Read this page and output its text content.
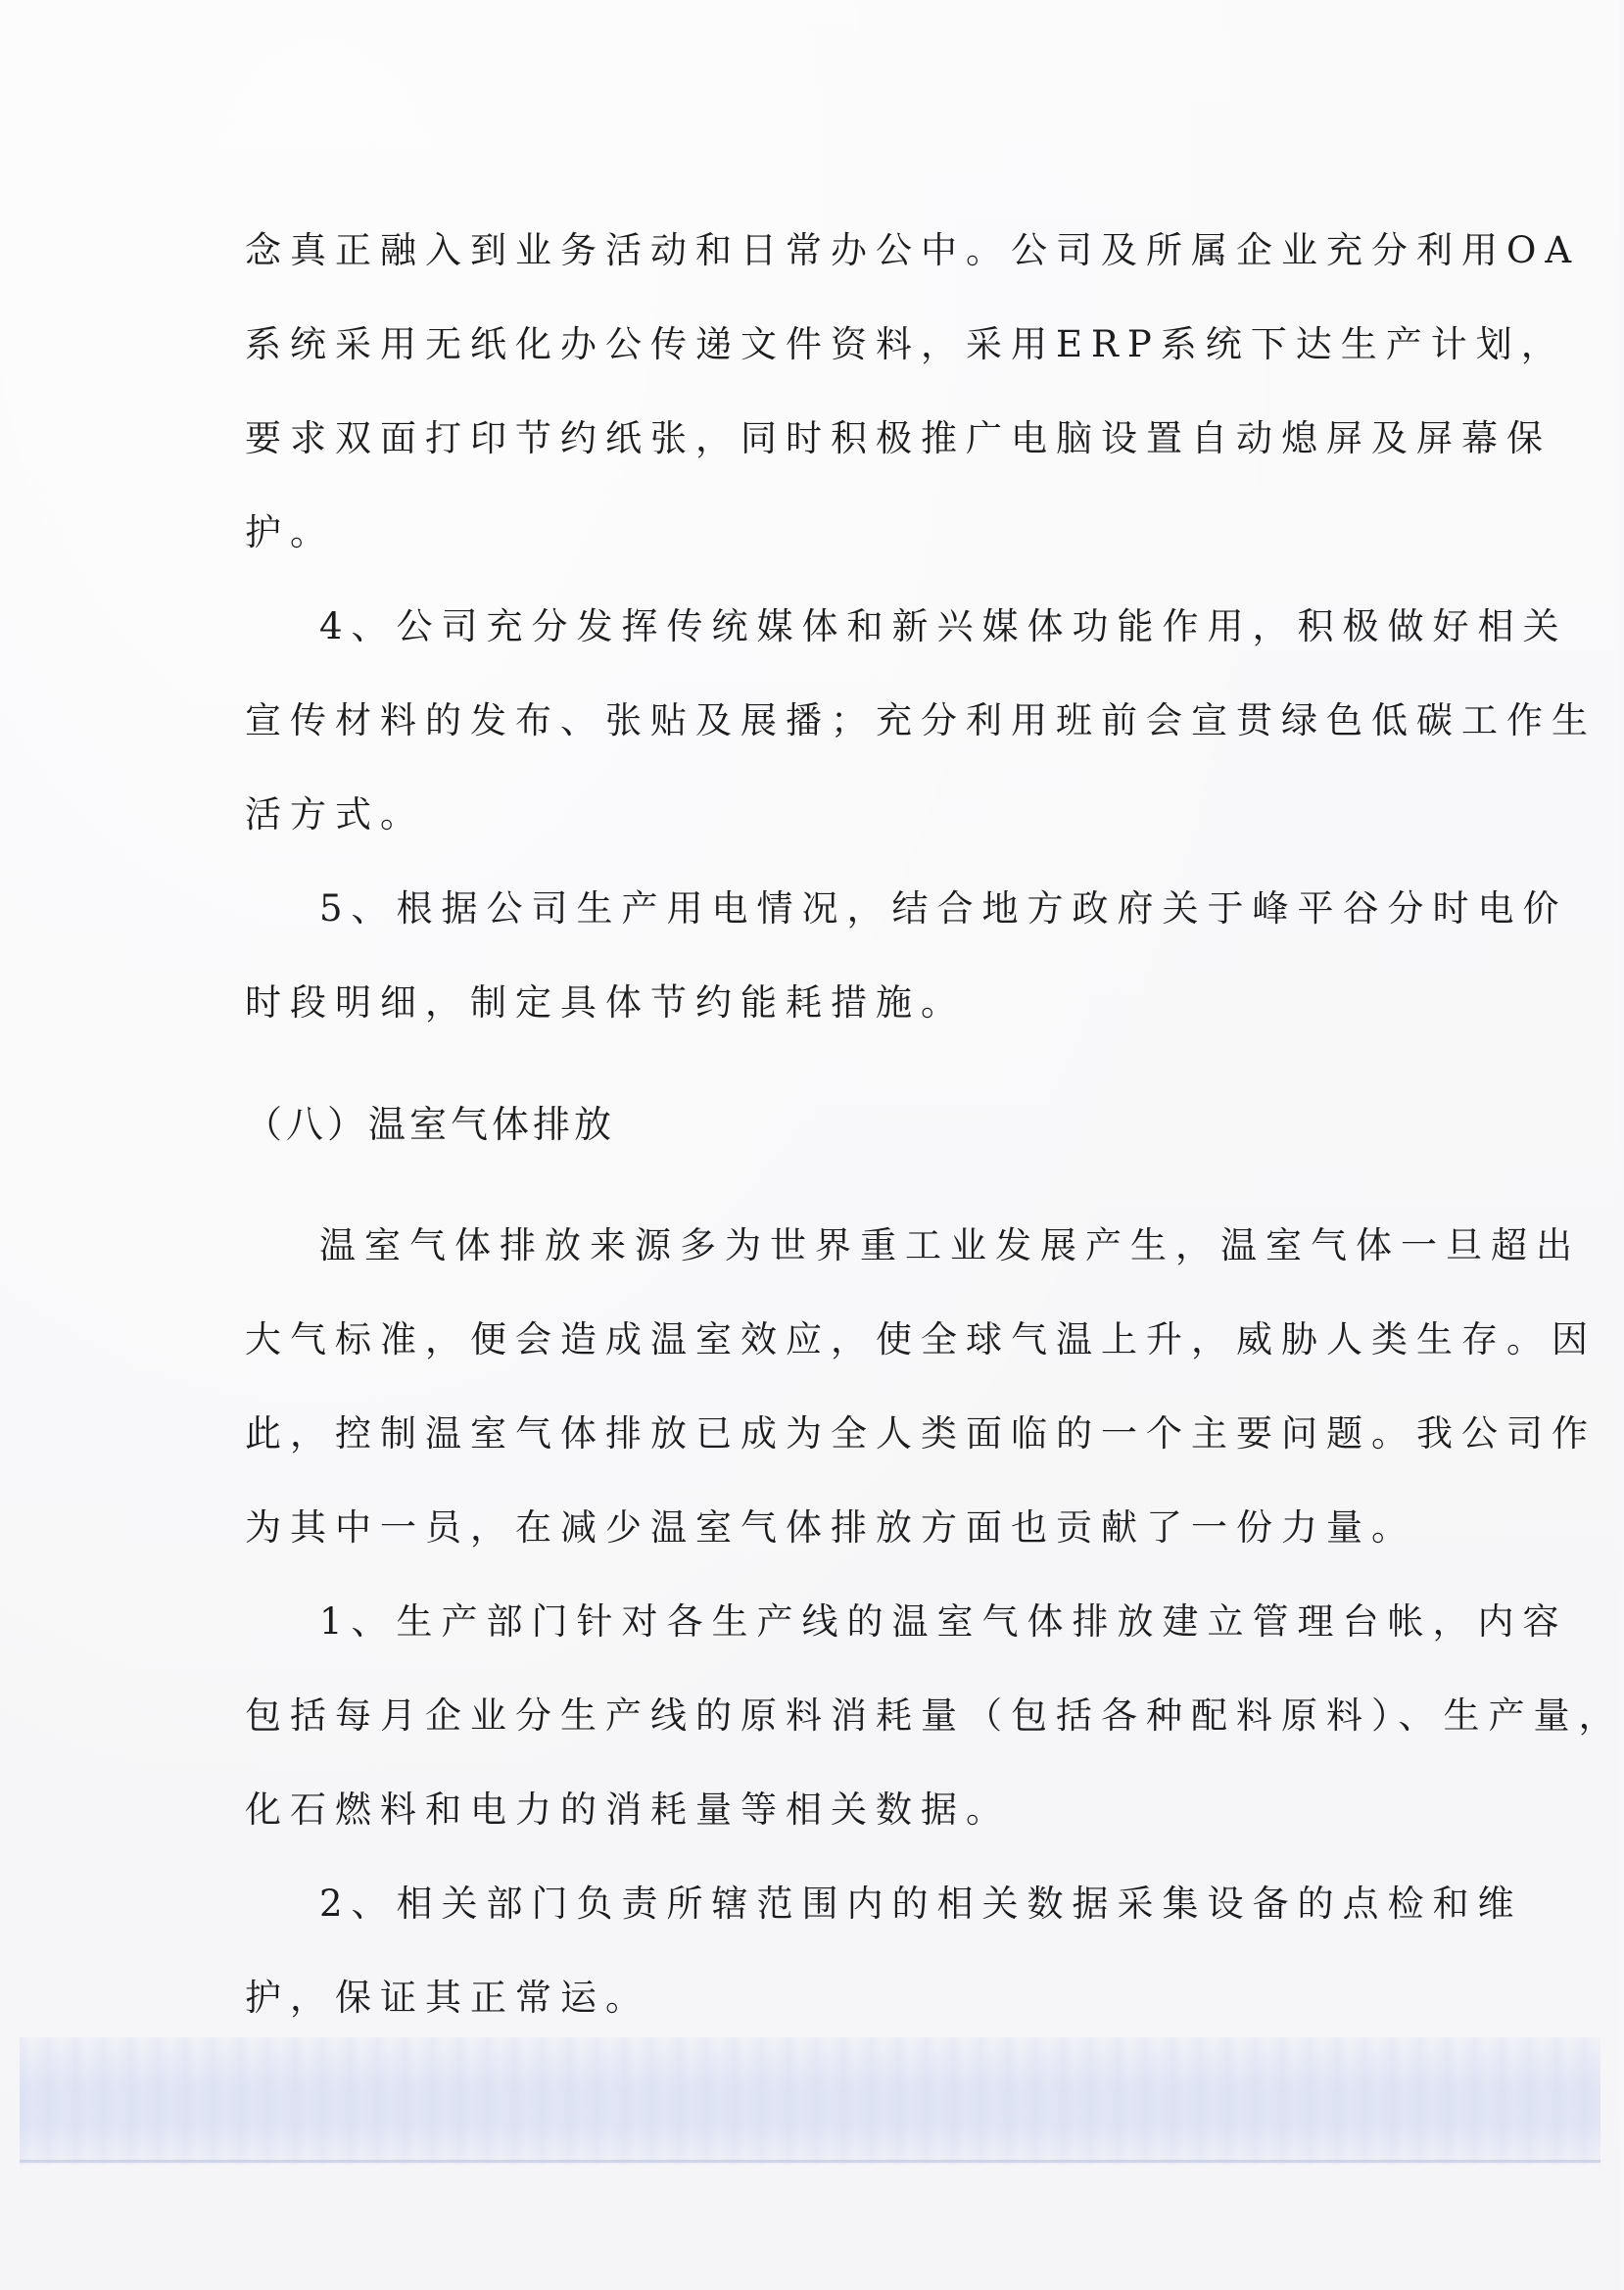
念真正融入到业务活动和日常办公中。公司及所属企业充分利用OA

系统采用无纸化办公传递文件资料，采用ERP系统下达生产计划，

要求双面打印节约纸张，同时积极推广电脑设置自动熄屏及屏幕保

护。

4、公司充分发挥传统媒体和新兴媒体功能作用，积极做好相关

宣传材料的发布、张贴及展播；充分利用班前会宣贯绿色低碳工作生

活方式。

5、根据公司生产用电情况，结合地方政府关于峰平谷分时电价

时段明细，制定具体节约能耗措施。

（八）温室气体排放

温室气体排放来源多为世界重工业发展产生，温室气体一旦超出

大气标准，便会造成温室效应，使全球气温上升，威胁人类生存。因

此，控制温室气体排放已成为全人类面临的一个主要问题。我公司作

为其中一员，在减少温室气体排放方面也贡献了一份力量。

1、生产部门针对各生产线的温室气体排放建立管理台帐，内容

包括每月企业分生产线的原料消耗量（包括各种配料原料）、生产量，

化石燃料和电力的消耗量等相关数据。

2、相关部门负责所辖范围内的相关数据采集设备的点检和维

护，保证其正常运。
